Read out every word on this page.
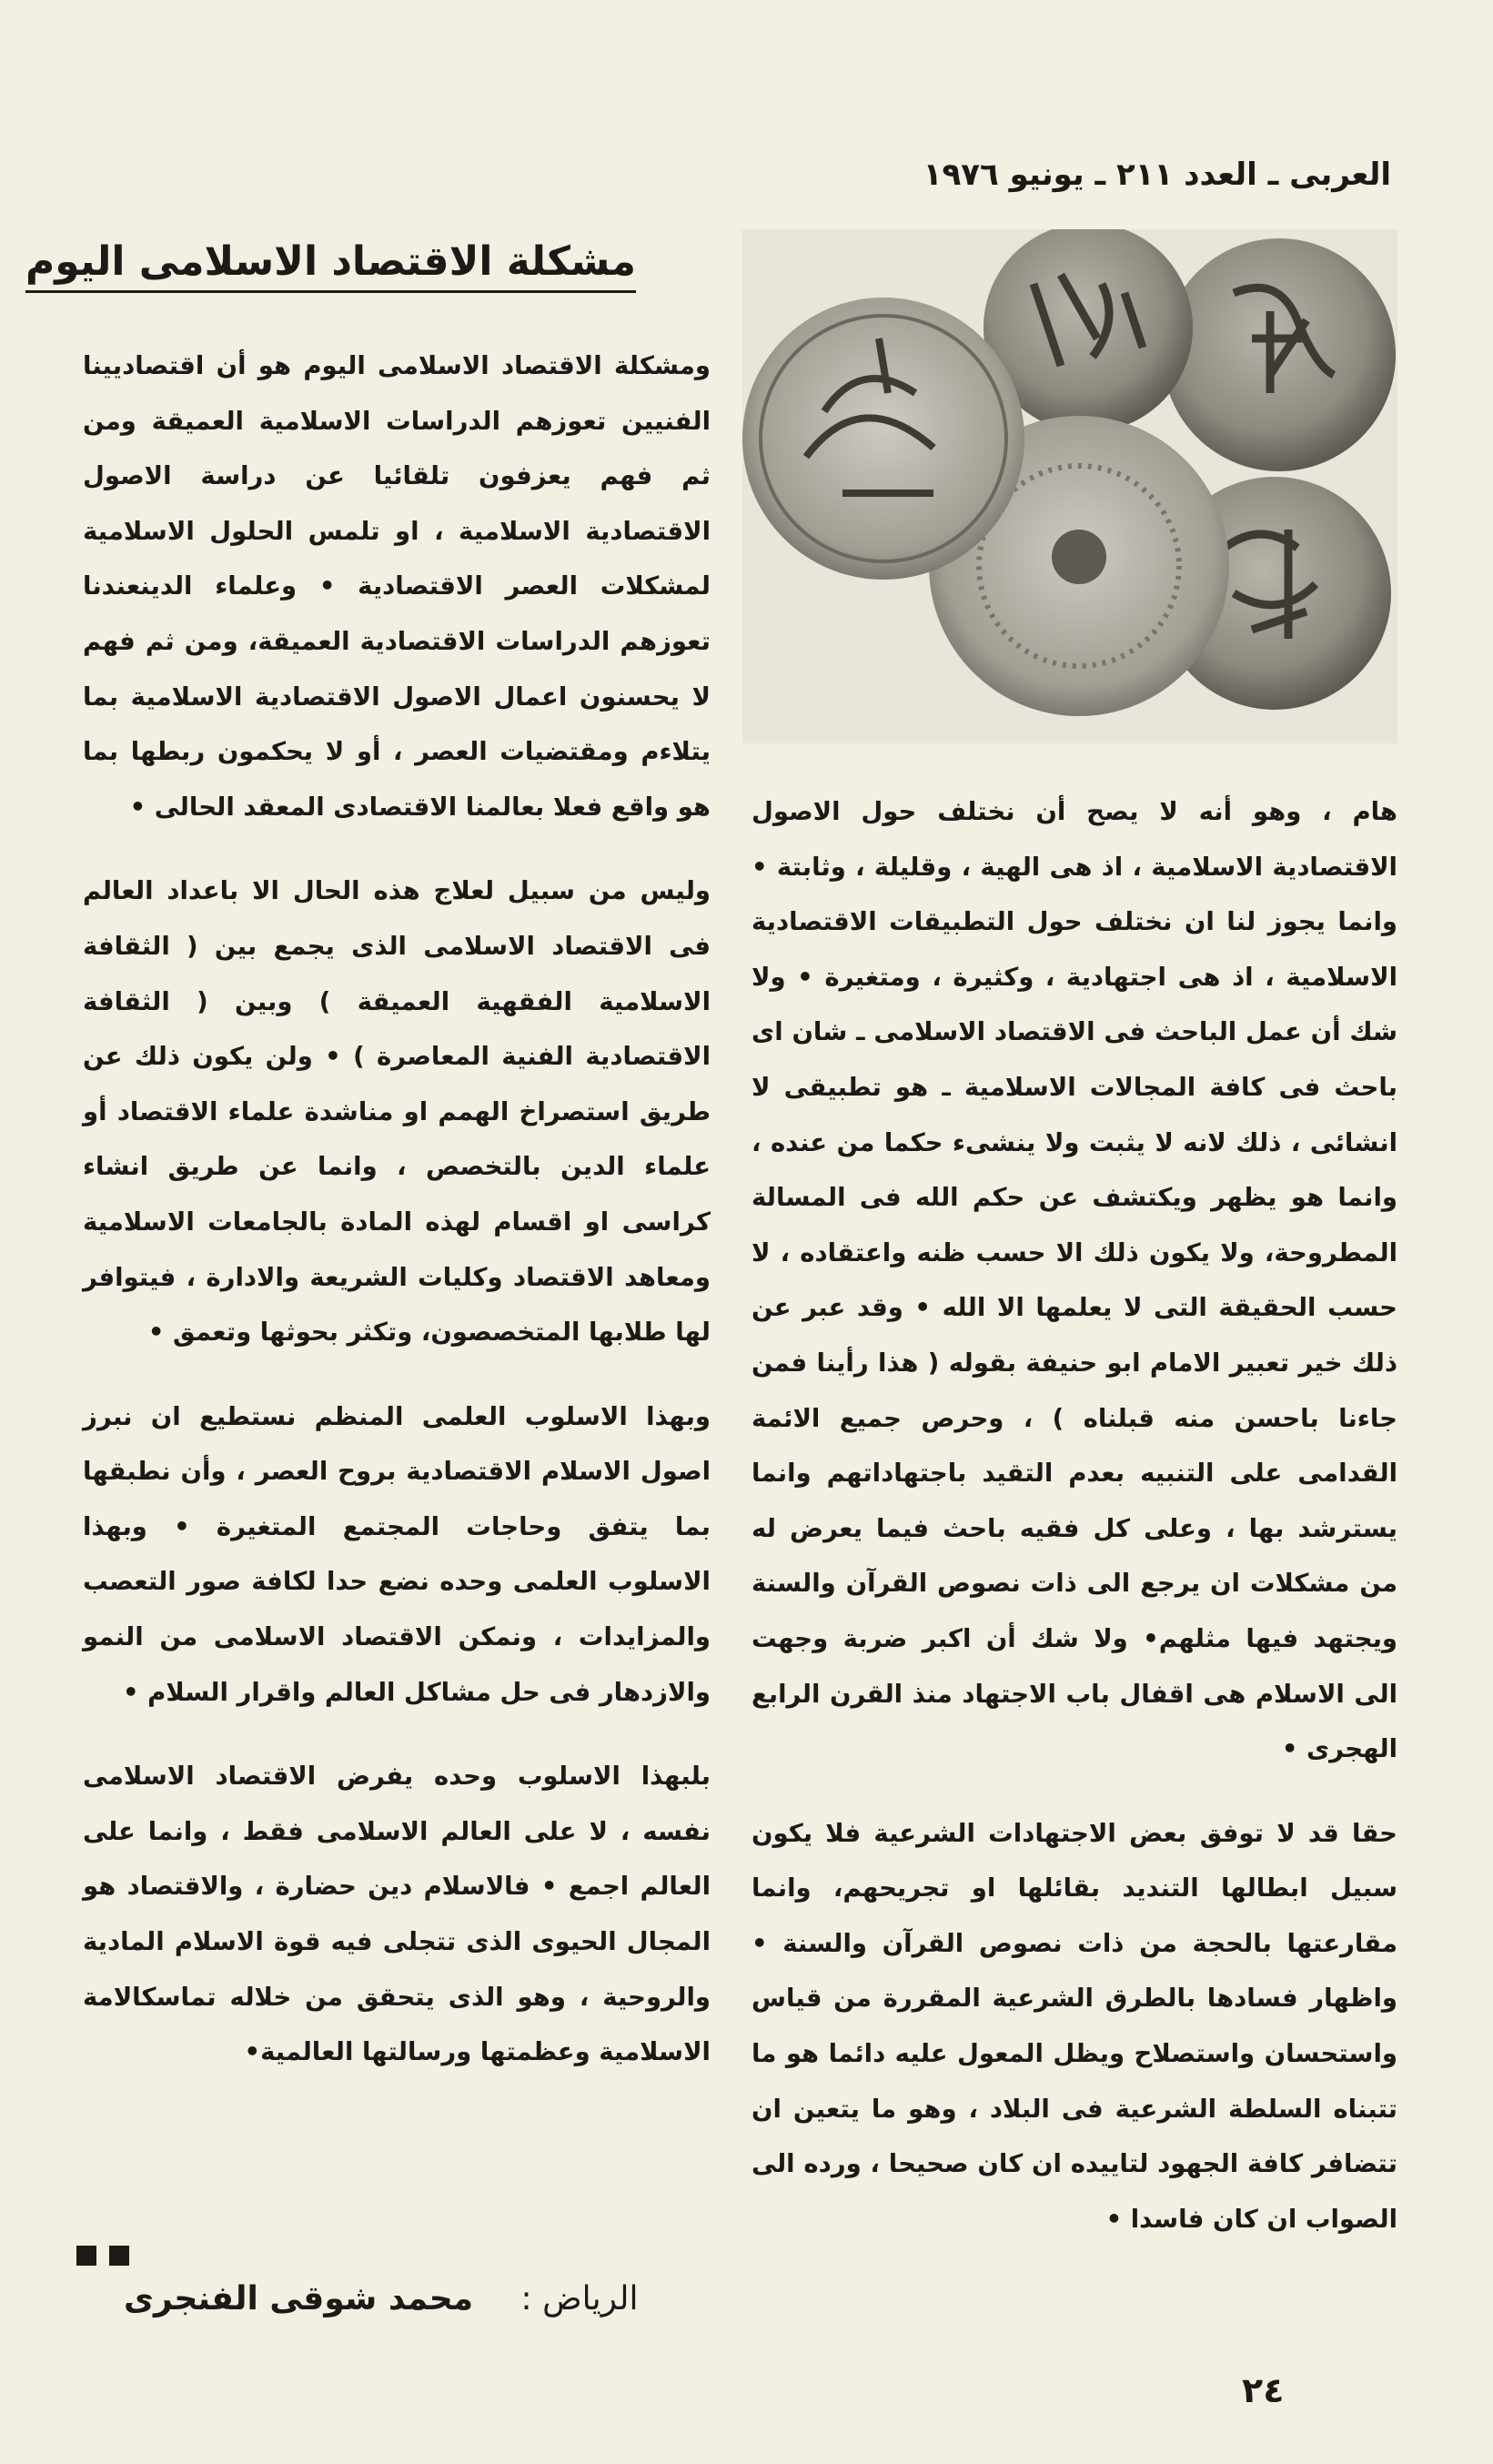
العربى ـ العدد ٢١١ ـ يونيو ١٩٧٦

هام ، وهو أنه لا يصح أن نختلف حول الاصول الاقتصادية الاسلامية ، اذ هى الهية ، وقليلة ، وثابتة • وانما يجوز لنا ان نختلف حول التطبيقات الاقتصادية الاسلامية ، اذ هى اجتهادية ، وكثيرة ، ومتغيرة • ولا شك أن عمل الباحث فى الاقتصاد الاسلامى ـ شان اى باحث فى كافة المجالات الاسلامية ـ هو تطبيقى لا انشائى ، ذلك لانه لا يثبت ولا ينشىء حكما من عنده ، وانما هو يظهر ويكتشف عن حكم الله فى المسالة المطروحة، ولا يكون ذلك الا حسب ظنه واعتقاده ، لا حسب الحقيقة التى لا يعلمها الا الله • وقد عبر عن ذلك خير تعبير الامام ابو حنيفة بقوله ( هذا رأينا فمن جاءنا باحسن منه قبلناه ) ، وحرص جميع الائمة القدامى على التنبيه بعدم التقيد باجتهاداتهم وانما يسترشد بها ، وعلى كل فقيه باحث فيما يعرض له من مشكلات ان يرجع الى ذات نصوص القرآن والسنة ويجتهد فيها مثلهم• ولا شك أن اكبر ضربة وجهت الى الاسلام هى اقفال باب الاجتهاد منذ القرن الرابع الهجرى •

حقا قد لا توفق بعض الاجتهادات الشرعية فلا يكون سبيل ابطالها التنديد بقائلها او تجريحهم، وانما مقارعتها بالحجة من ذات نصوص القرآن والسنة • واظهار فسادها بالطرق الشرعية المقررة من قياس واستحسان واستصلاح ويظل المعول عليه دائما هو ما تتبناه السلطة الشرعية فى البلاد ، وهو ما يتعين ان تتضافر كافة الجهود لتاييده ان كان صحيحا ، ورده الى الصواب ان كان فاسدا •

مشكلة الاقتصاد الاسلامى اليوم

ومشكلة الاقتصاد الاسلامى اليوم هو أن اقتصاديينا الفنيين تعوزهم الدراسات الاسلامية العميقة ومن ثم فهم يعزفون تلقائيا عن دراسة الاصول الاقتصادية الاسلامية ، او تلمس الحلول الاسلامية لمشكلات العصر الاقتصادية • وعلماء الدينعندنا تعوزهم الدراسات الاقتصادية العميقة، ومن ثم فهم لا يحسنون اعمال الاصول الاقتصادية الاسلامية بما يتلاءم ومقتضيات العصر ، أو لا يحكمون ربطها بما هو واقع فعلا بعالمنا الاقتصادى المعقد الحالى •

وليس من سبيل لعلاج هذه الحال الا باعداد العالم فى الاقتصاد الاسلامى الذى يجمع بين ( الثقافة الاسلامية الفقهية العميقة ) وبين ( الثقافة الاقتصادية الفنية المعاصرة ) • ولن يكون ذلك عن طريق استصراخ الهمم او مناشدة علماء الاقتصاد أو علماء الدين بالتخصص ، وانما عن طريق انشاء كراسى او اقسام لهذه المادة بالجامعات الاسلامية ومعاهد الاقتصاد وكليات الشريعة والادارة ، فيتوافر لها طلابها المتخصصون، وتكثر بحوثها وتعمق •

وبهذا الاسلوب العلمى المنظم نستطيع ان نبرز اصول الاسلام الاقتصادية بروح العصر ، وأن نطبقها بما يتفق وحاجات المجتمع المتغيرة • وبهذا الاسلوب العلمى وحده نضع حدا لكافة صور التعصب والمزايدات ، ونمكن الاقتصاد الاسلامى من النمو والازدهار فى حل مشاكل العالم واقرار السلام •

بلبهذا الاسلوب وحده يفرض الاقتصاد الاسلامى نفسه ، لا على العالم الاسلامى فقط ، وانما على العالم اجمع • فالاسلام دين حضارة ، والاقتصاد هو المجال الحيوى الذى تتجلى فيه قوة الاسلام المادية والروحية ، وهو الذى يتحقق من خلاله تماسكالامة الاسلامية وعظمتها ورسالتها العالمية•

الرياض : محمد شوقى الفنجرى
٢٤
